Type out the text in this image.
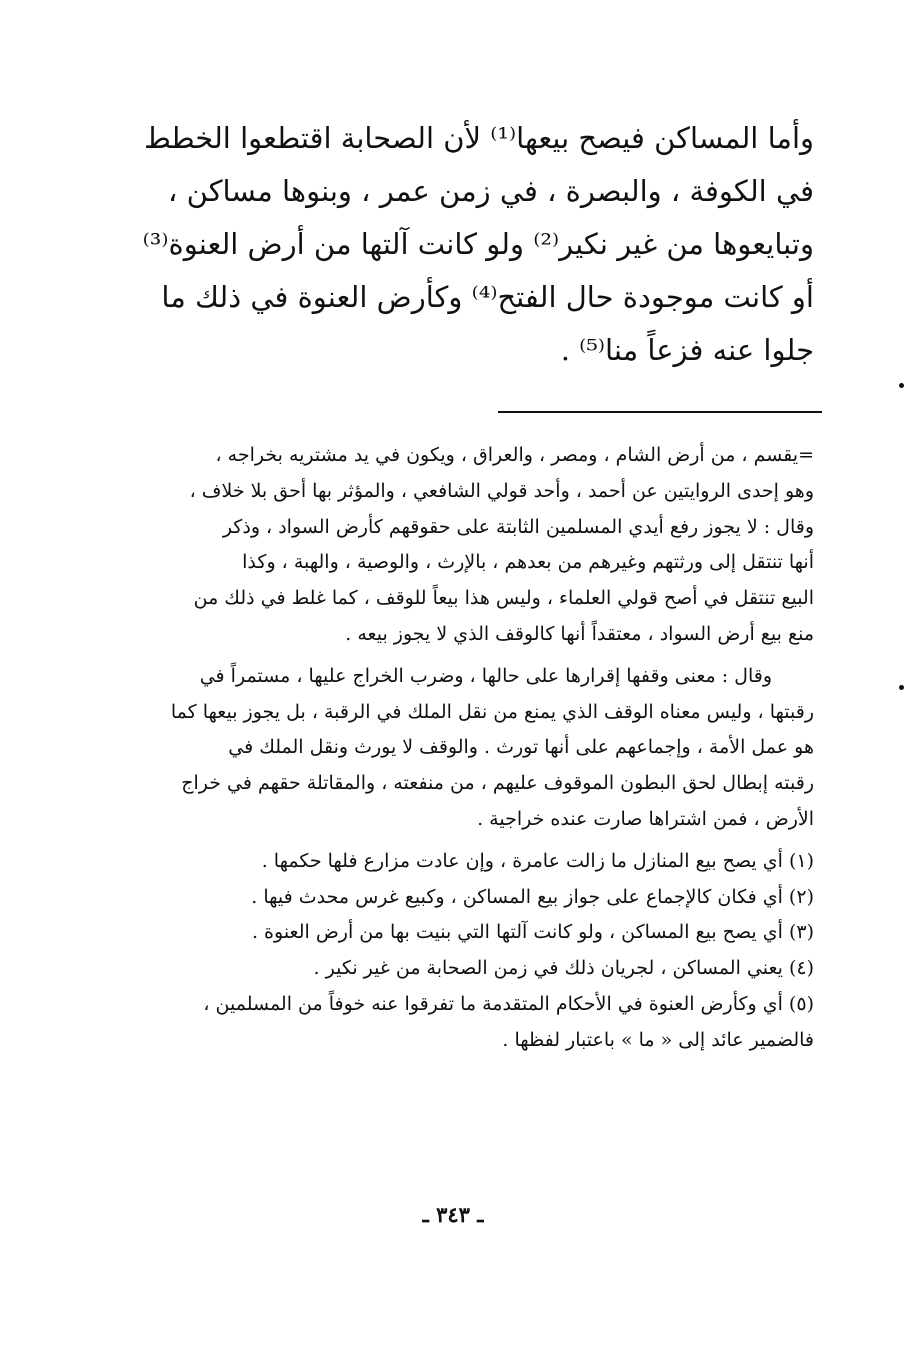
وأما المساكن فيصح بيعها⁽¹⁾ لأن الصحابة اقتطعوا الخطط
في الكوفة ، والبصرة ، في زمن عمر ، وبنوها مساكن ،
وتبايعوها من غير نكير⁽²⁾ ولو كانت آلتها من أرض العنوة⁽³⁾
أو كانت موجودة حال الفتح⁽⁴⁾ وكأرض العنوة في ذلك ما
جلوا عنه فزعاً منا⁽⁵⁾ .
=يقسم ، من أرض الشام ، ومصر ، والعراق ، ويكون في يد مشتريه بخراجه ،
وهو إحدى الروايتين عن أحمد ، وأحد قولي الشافعي ، والمؤثر بها أحق بلا خلاف ،
وقال : لا يجوز رفع أيدي المسلمين الثابتة على حقوقهم كأرض السواد ، وذكر
أنها تنتقل إلى ورثتهم وغيرهم من بعدهم ، بالإرث ، والوصية ، والهبة ، وكذا
البيع تنتقل في أصح قولي العلماء ، وليس هذا بيعاً للوقف ، كما غلط في ذلك من
منع بيع أرض السواد ، معتقداً أنها كالوقف الذي لا يجوز بيعه .
وقال : معنى وقفها إقرارها على حالها ، وضرب الخراج عليها ، مستمراً في
رقبتها ، وليس معناه الوقف الذي يمنع من نقل الملك في الرقبة ، بل يجوز بيعها كما
هو عمل الأمة ، وإجماعهم على أنها تورث . والوقف لا يورث ونقل الملك في
رقبته إبطال لحق البطون الموقوف عليهم ، من منفعته ، والمقاتلة حقهم في خراج
الأرض ، فمن اشتراها صارت عنده خراجية .
(١) أي يصح بيع المنازل ما زالت عامرة ، وإن عادت مزارع فلها حكمها .
(٢) أي فكان كالإجماع على جواز بيع المساكن ، وكبيع غرس محدث فيها .
(٣) أي يصح بيع المساكن ، ولو كانت آلتها التي بنيت بها من أرض العنوة .
(٤) يعني المساكن ، لجريان ذلك في زمن الصحابة من غير نكير .
(٥) أي وكأرض العنوة في الأحكام المتقدمة ما تفرقوا عنه خوفاً من المسلمين ،
فالضمير عائد إلى « ما » باعتبار لفظها .
ـ ٣٤٣ ـ
